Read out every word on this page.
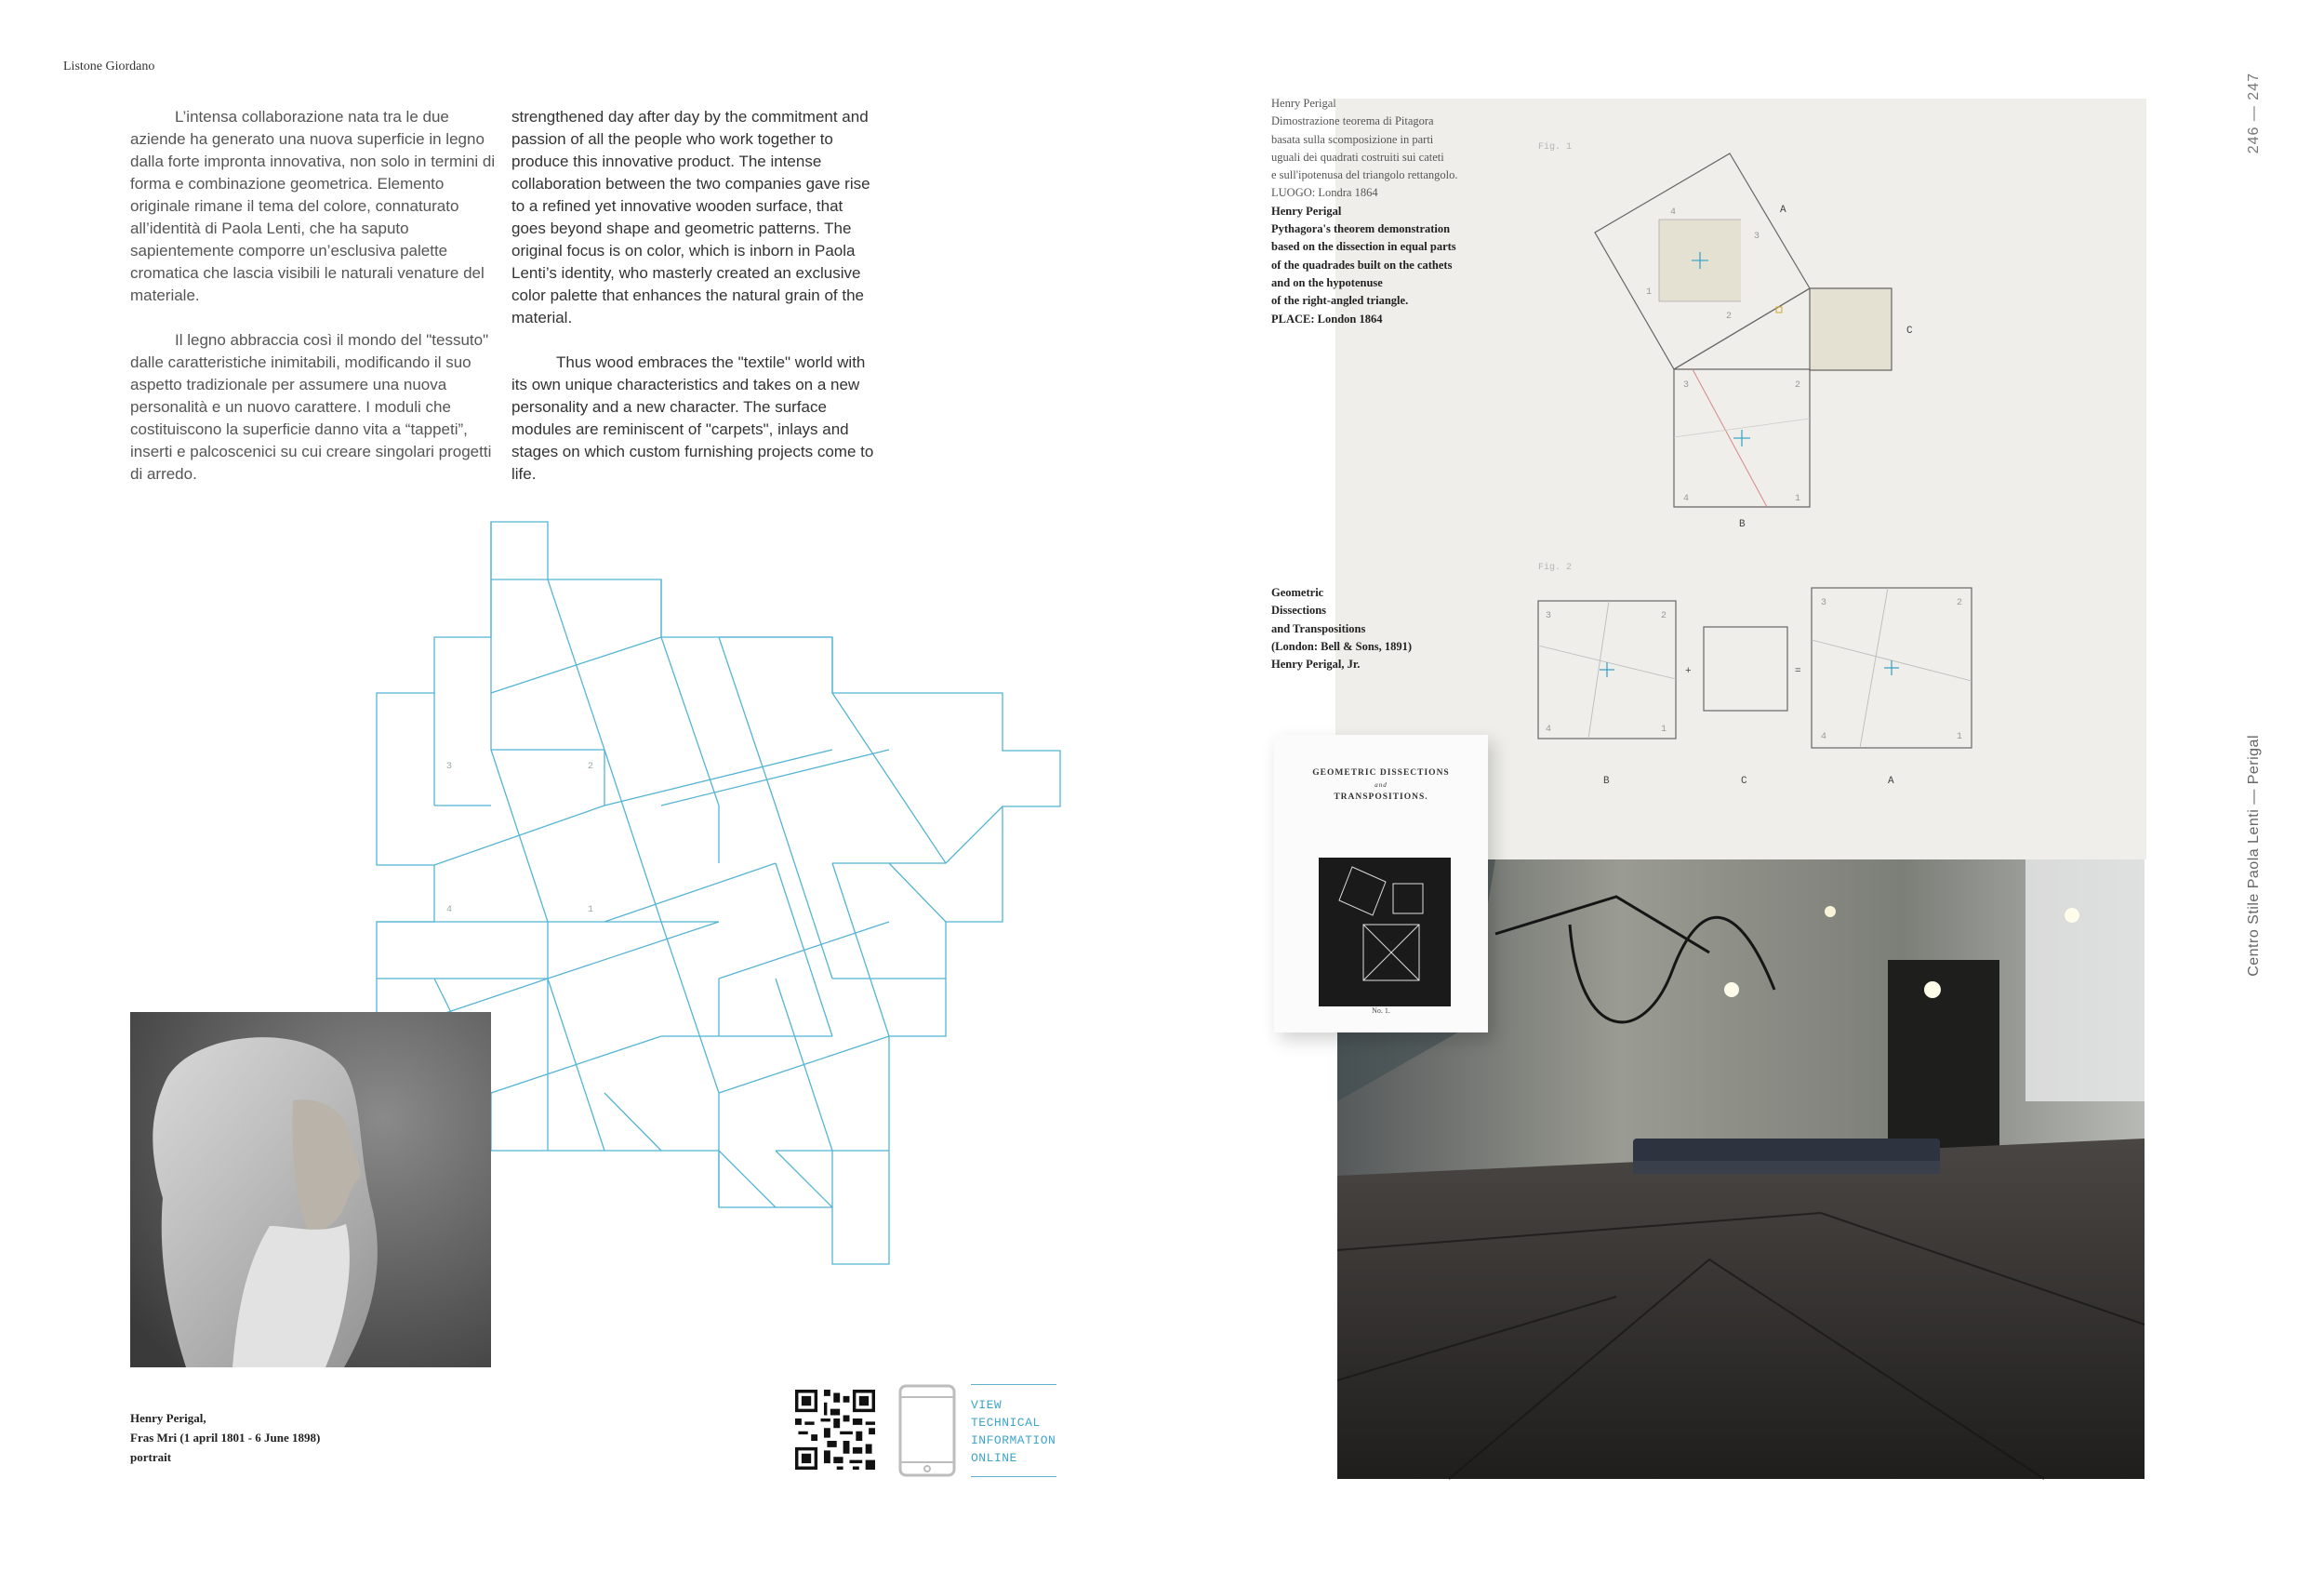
Listone Giordano

L’intensa collaborazione nata tra le due aziende ha generato una nuova superficie in legno dalla forte impronta innovativa, non solo in termini di forma e combinazione geometrica. Elemento originale rimane il tema del colore, connaturato all’identità di Paola Lenti, che ha saputo sapientemente comporre un’esclusiva palette cromatica che lascia visibili le naturali venature del materiale.

Il legno abbraccia così il mondo del "tessuto" dalle caratteristiche inimitabili, modificando il suo aspetto tradizionale per assumere una nuova personalità e un nuovo carattere. I moduli che costituiscono la superficie danno vita a “tappeti”, inserti e palcoscenici su cui creare singolari progetti di arredo.

strengthened day after day by the commitment and passion of all the people who work together to produce this innovative product. The intense collaboration between the two companies gave rise to a refined yet innovative wooden surface, that goes beyond shape and geometric patterns. The original focus is on color, which is inborn in Paola Lenti’s identity, who masterly created an exclusive color palette that enhances the natural grain of the material.

Thus wood embraces the "textile" world with its own unique characteristics and takes on a new personality and a new character. The surface modules are reminiscent of "carpets", inlays and stages on which custom furnishing projects come to life.

3	2
4	1
Henry Perigal,
Fras Mri (1 april 1801 - 6 June 1898)
portrait
VIEW
TECHNICAL
INFORMATION
ONLINE
Henry Perigal
Dimostrazione teorema di Pitagora
basata sulla scomposizione in parti
uguali dei quadrati costruiti sui cateti
e sull'ipotenusa del triangolo rettangolo.
LUOGO: Londra 1864
Henry Perigal
Pythagora's theorem demonstration
based on the dissection in equal parts
of the quadrades built on the cathets
and on the hypotenuse
of the right-angled triangle.
PLACE: London 1864
Geometric
Dissections
and Transpositions
(London: Bell & Sons, 1891)
Henry Perigal, Jr.
Fig. 1
Fig. 2
4
3
1
2
3	2
4	1
A
C
B
3	2
4	1
3	2
4	1
+	=
B	C	A
GEOMETRIC DISSECTIONS
and
TRANSPOSITIONS.
No. 1.
246 — 247
Centro Stile Paola Lenti — Perigal
